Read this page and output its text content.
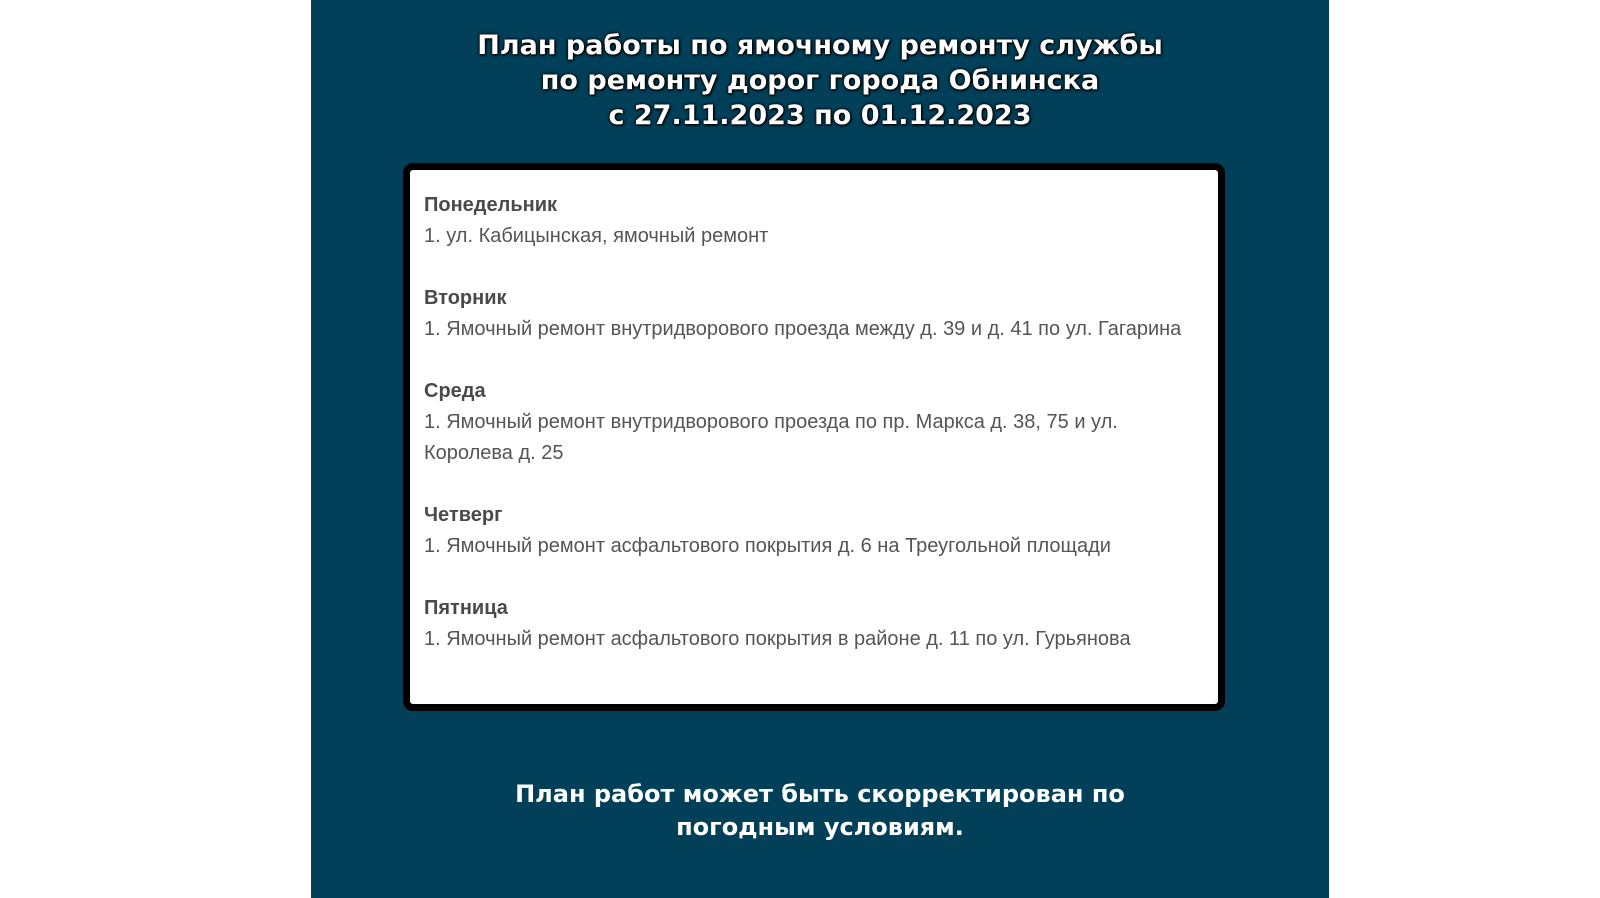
План работы по ямочному ремонту службы
по ремонту дорог города Обнинска
с 27.11.2023 по 01.12.2023
Понедельник
1. ул. Кабицынская, ямочный ремонт
Вторник
1. Ямочный ремонт внутридворового проезда между д. 39 и д. 41 по ул. Гагарина
Среда
1. Ямочный ремонт внутридворового проезда по пр. Маркса д. 38, 75 и ул. Королева д. 25
Четверг
1. Ямочный ремонт асфальтового покрытия д. 6 на Треугольной площади
Пятница
1. Ямочный ремонт асфальтового покрытия в районе д. 11 по ул. Гурьянова
План работ может быть скорректирован по
погодным условиям.
